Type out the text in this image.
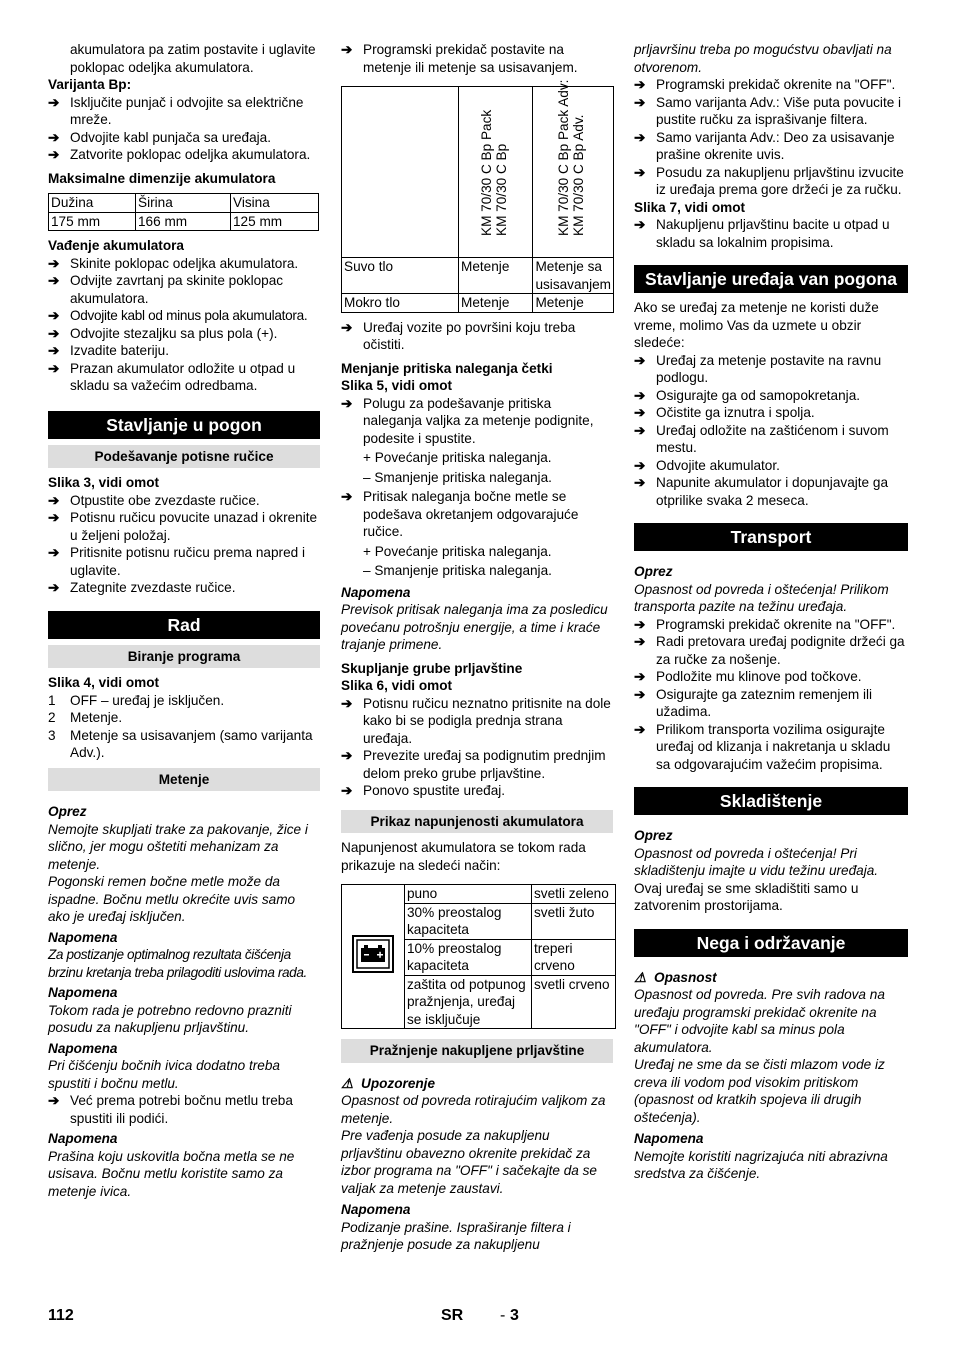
akumulatora pa zatim postavite i uglavite poklopac odeljka akumulatora.

Varijanta Bp:

➔ Isključite punjač i odvojite sa električne mreže.
➔ Odvojite kabl punjača sa uređaja.
➔ Zatvorite poklopac odeljka akumulatora.

Maksimalne dimenzije akumulatora

Dužina	Širina	Visina
175 mm	166 mm	125 mm

Vađenje akumulatora

➔ Skinite poklopac odeljka akumulatora.
➔ Odvijte zavrtanj pa skinite poklopac akumulatora.
➔ Odvojite kabl od minus pola akumulatora.
➔ Odvojite stezaljku sa plus pola (+).
➔ Izvadite bateriju.
➔ Prazan akumulator odložite u otpad u skladu sa važećim odredbama.
Stavljanje u pogon
Podešavanje potisne ručice

Slika 3, vidi omot

➔ Otpustite obe zvezdaste ručice.
➔ Potisnu ručicu povucite unazad i okrenite u željeni položaj.
➔ Pritisnite potisnu ručicu prema napred i uglavite.
➔ Zategnite zvezdaste ručice.
Rad
Biranje programa

Slika 4, vidi omot

1 OFF – uređaj je isključen.
2 Metenje.
3 Metenje sa usisavanjem (samo varijanta Adv.).
Metenje

Oprez

Nemojte skupljati trake za pakovanje, žice i slično, jer mogu oštetiti mehanizam za metenje.

Pogonski remen bočne metle može da ispadne. Bočnu metlu okrećite uvis samo ako je uređaj isključen.

Napomena

Za postizanje optimalnog rezultata čišćenja brzinu kretanja treba prilagoditi uslovima rada.

Napomena

Tokom rada je potrebno redovno prazniti posudu za nakupljenu prljavštinu.

Napomena

Pri čišćenju bočnih ivica dodatno treba spustiti i bočnu metlu.

➔ Već prema potrebi bočnu metlu treba spustiti ili podići.

Napomena

Prašina koju uskovitla bočna metla se ne usisava. Bočnu metlu koristite samo za metenje ivica.

➔ Programski prekidač postavite na metenje ili metenje sa usisavanjem.

	KM 70/30 C Bp Pack KM 70/30 C Bp	KM 70/30 C Bp Pack Adv: KM 70/30 C Bp Adv.

Suvo tlo	Metenje	Metenje sa usisavanjem
Mokro tlo	Metenje	Metenje
➔ Uređaj vozite po površini koju treba očistiti.

Menjanje pritiska naleganja četki

Slika 5, vidi omot

➔ Polugu za podešavanje pritiska naleganja valjka za metenje podignite, podesite i spustite.

+ Povećanje pritiska naleganja.

– Smanjenje pritiska naleganja.

➔ Pritisak naleganja bočne metle se podešava okretanjem odgovarajuće ručice.

+ Povećanje pritiska naleganja.

– Smanjenje pritiska naleganja.

Napomena

Previsok pritisak naleganja ima za posledicu povećanu potrošnju energije, a time i kraće trajanje primene.

Skupljanje grube prljavštine

Slika 6, vidi omot

➔ Potisnu ručicu neznatno pritisnite na dole kako bi se podigla prednja strana uređaja.
➔ Prevezite uređaj sa podignutim prednjim delom preko grube prljavštine.
➔ Ponovo spustite uređaj.
Prikaz napunjenosti akumulatora

Napunjenost akumulatora se tokom rada prikazuje na sledeći način:

	puno	svetli zeleno
	30% preostalog kapaciteta	svetli žuto
	10% preostalog kapaciteta	treperi crveno
	zaštita od potpunog pražnjenja, uređaj se isključuje	svetli crveno
Pražnjenje nakupljene prljavštine

⚠ Upozorenje

Opasnost od povreda rotirajućim valjkom za metenje.

Pre vađenja posude za nakupljenu prljavštinu obavezno okrenite prekidač za izbor programa na "OFF" i sačekajte da se valjak za metenje zaustavi.

Napomena

Podizanje prašine. Ispraširanje filtera i pražnjenje posude za nakupljenu

prljavršinu treba po mogućstvu obavljati na otvorenom.

➔ Programski prekidač okrenite na "OFF".
➔ Samo varijanta Adv.: Više puta povucite i pustite ručku za isprašivanje filtera.
➔ Samo varijanta Adv.: Deo za usisavanje prašine okrenite uvis.
➔ Posudu za nakupljenu prljavštinu izvucite iz uređaja prema gore držeći je za ručku.

Slika 7, vidi omot

➔ Nakupljenu prljavštinu bacite u otpad u skladu sa lokalnim propisima.
Stavljanje uređaja van pogona

Ako se uređaj za metenje ne koristi duže vreme, molimo Vas da uzmete u obzir sledeće:

➔ Uređaj za metenje postavite na ravnu podlogu.
➔ Osigurajte ga od samopokretanja.
➔ Očistite ga iznutra i spolja.
➔ Uređaj odložite na zaštićenom i suvom mestu.
➔ Odvojite akumulator.
➔ Napunite akumulator i dopunjavajte ga otprilike svaka 2 meseca.
Transport

Oprez

Opasnost od povreda i oštećenja! Prilikom transporta pazite na težinu uređaja.

➔ Programski prekidač okrenite na "OFF".
➔ Radi pretovara uređaj podignite držeći ga za ručke za nošenje.
➔ Podložite mu klinove pod točkove.
➔ Osigurajte ga zateznim remenjem ili užadima.
➔ Prilikom transporta vozilima osigurajte uređaj od klizanja i nakretanja u skladu sa odgovarajućim važećim propisima.
Skladištenje

Oprez

Opasnost od povreda i oštećenja! Pri skladištenju imajte u vidu težinu uređaja.

Ovaj uređaj se sme skladištiti samo u zatvorenim prostorijama.

Nega i održavanje

⚠ Opasnost

Opasnost od povreda. Pre svih radova na uređaju programski prekidač okrenite na "OFF" i odvojite kabl sa minus pola akumulatora.

Uređaj ne sme da se čisti mlazom vode iz creva ili vodom pod visokim pritiskom (opasnost od kratkih spojeva ili drugih oštećenja).

Napomena

Nemojte koristiti nagrizajuća niti abrazivna sredstva za čišćenje.

112	SR - 3
